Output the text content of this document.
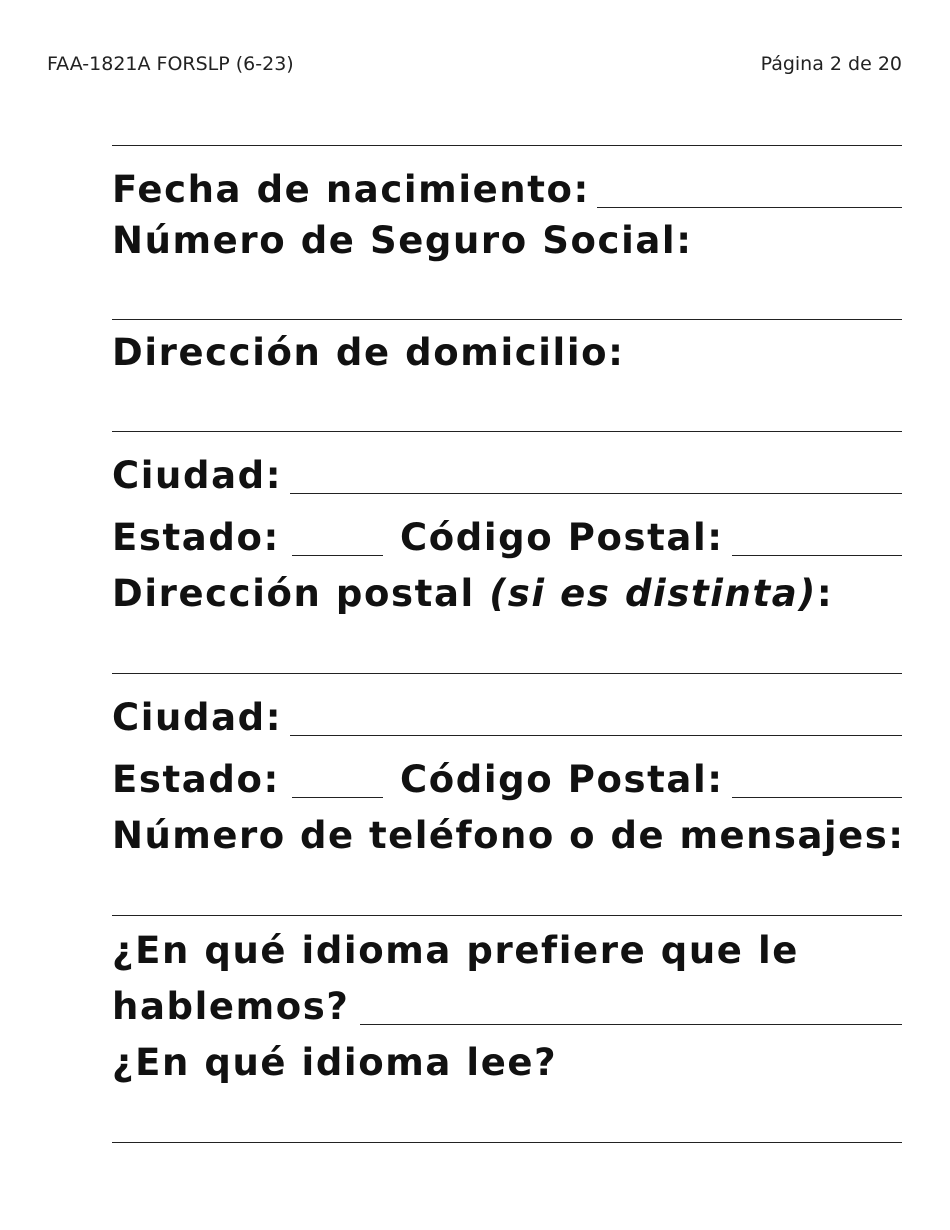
FAA-1821A FORSLP (6-23)	Página 2 de 20
Fecha de nacimiento:
Número de Seguro Social:
Dirección de domicilio:
Ciudad:
Estado:	Código Postal:
Dirección postal (si es distinta):
Ciudad:
Estado:	Código Postal:
Número de teléfono o de mensajes:
¿En qué idioma prefiere que le
hablemos?
¿En qué idioma lee?
